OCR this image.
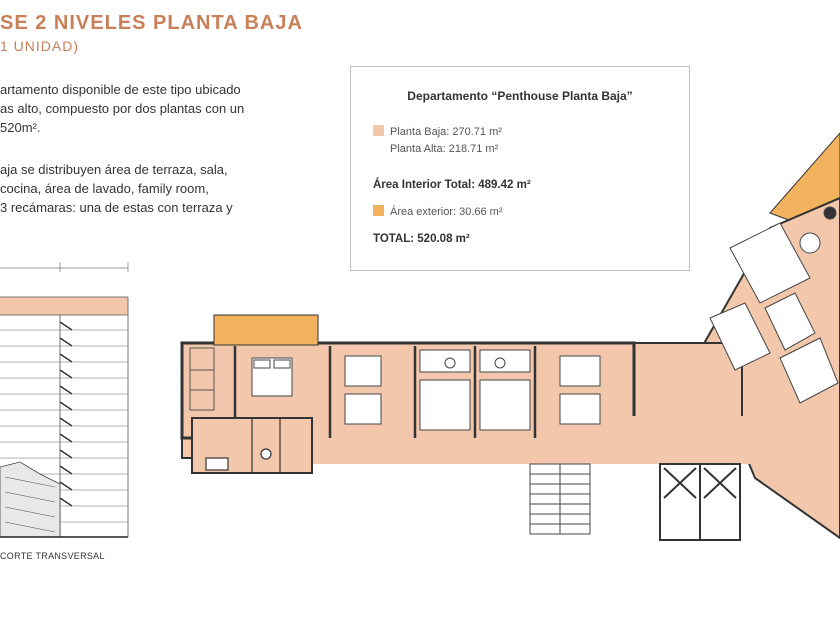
SE 2 NIVELES PLANTA BAJA
1 UNIDAD)

artamento disponible de este tipo ubicado
as alto, compuesto por dos plantas con un
520m².

aja se distribuyen área de terraza, sala,
cocina, área de lavado, family room,
3 recámaras: una de estas con terraza y

Departamento “Penthouse Planta Baja”
Planta Baja: 270.71 m²
Planta Alta: 218.71 m²
Área Interior Total: 489.42 m²
Área exterior: 30.66 m²
TOTAL: 520.08 m²
CORTE TRANSVERSAL
